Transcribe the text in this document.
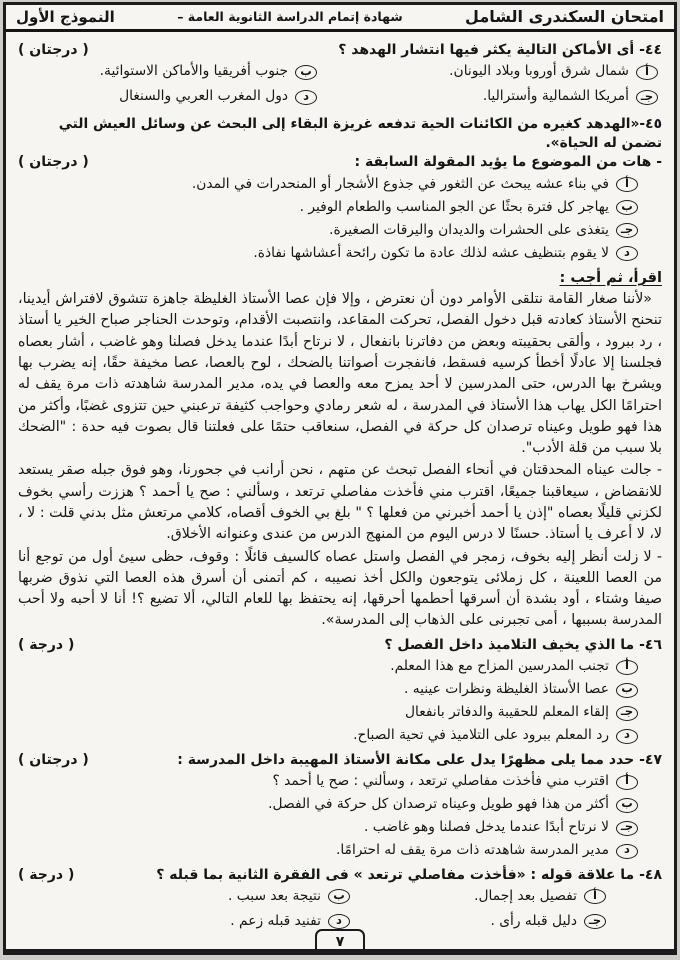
امتحان السكندرى الشامل
شهادة إتمام الدراسة الثانوية العامة –
النموذج الأول
٤٤- أى الأماكن التالية يكثر فيها انتشار الهدهد ؟
( درجتان )
أ
شمال شرق أوروبا وبلاد اليونان.
ب
جنوب أفريقيا والأماكن الاستوائية.
جـ
أمريكا الشمالية وأستراليا.
د
دول المغرب العربي والسنغال
٤٥-«الهدهد كغيره من الكائنات الحية تدفعه غريزة البقاء إلى البحث عن وسائل العيش التي تضمن له الحياة».
- هات من الموضوع ما يؤيد المقولة السابقة :
( درجتان )
أ
في بناء عشه يبحث عن الثغور في جذوع الأشجار أو المنحدرات في المدن.
ب
يهاجر كل فترة بحثًا عن الجو المناسب والطعام الوفير .
جـ
يتغذى على الحشرات والديدان واليرقات الصغيرة.
د
لا يقوم بتنظيف عشه لذلك عادة ما تكون رائحة أعشاشها نفاذة.
اقرأ، ثم أجب :

«لأننا صغار القامة نتلقى الأوامر دون أن نعترض ، وإلا فإن عصا الأستاذ الغليظة جاهزة تتشوق لافتراش أيدينا، تنحنح الأستاذ كعادته قبل دخول الفصل، تحركت المقاعد، وانتصبت الأقدام، وتوحدت الحناجر صباح الخير يا أستاذ ، رد ببرود ، وألقى بحقيبته وبعض من دفاترنا بانفعال ، لا نرتاح أبدًا عندما يدخل فصلنا وهو غاضب ، أشار بعصاه فجلسنا إلا عادلًا أخطأ كرسيه فسقط، فانفجرت أصواتنا بالضحك ، لوح بالعصا، عصا مخيفة حقًا، إنه يضرب بها ويشرخ بها الدرس، حتى المدرسين لا أحد يمزح معه والعصا في يده، مدير المدرسة شاهدته ذات مرة يقف له احترامًا الكل يهاب هذا الأستاذ في المدرسة ، له شعر رمادي وحواجب كثيفة ترعبني حين تتزوى غضبًا، وأكثر من هذا فهو طويل وعيناه ترصدان كل حركة في الفصل، سنعاقب حتمًا على فعلتنا قال بصوت فيه حدة : "الضحك بلا سبب من قلة الأدب".

- جالت عيناه المحدقتان في أنحاء الفصل تبحث عن متهم ، نحن أرانب في جحورنا، وهو فوق جبله صقر يستعد للانقضاض ، سيعاقبنا جميعًا، اقترب مني فأخذت مفاصلي ترتعد ، وسألني : صح يا أحمد ؟ هززت رأسي بخوف لكزني قليلًا بعصاه "إذن يا أحمد أخبرني من فعلها ؟ " بلغ بي الخوف أقصاه، كلامي مرتعش مثل بدني قلت : لا ، لا، لا أعرف يا أستاذ. حسنًا لا درس اليوم من المنهج الدرس من عندى وعنوانه الأخلاق.

- لا زلت أنظر إليه بخوف، زمجر في الفصل واستل عصاه كالسيف قائلًا : وقوف، حظى سيئ أول من توجع أنا من العصا اللعينة ، كل زملائى يتوجعون والكل أخذ نصيبه ، كم أتمنى أن أسرق هذه العصا التي نذوق ضربها صيفا وشتاء ، أود بشدة أن أسرقها أحطمها أحرقها، إنه يحتفظ بها للعام التالي، ألا تضيع ؟! أنا لا أحبه ولا أحب المدرسة بسببها ، أمى تجبرنى على الذهاب إلى المدرسة».

٤٦- ما الذي يخيف التلاميذ داخل الفصل ؟
( درجة )
أ
تجنب المدرسين المزاح مع هذا المعلم.
ب
عصا الأستاذ الغليظة ونظرات عينيه .
جـ
إلقاء المعلم للحقيبة والدفاتر بانفعال
د
رد المعلم ببرود على التلاميذ في تحية الصباح.
٤٧- حدد مما يلى مظهرًا يدل على مكانة الأستاذ المهيبة داخل المدرسة :
( درجتان )
أ
اقترب مني فأخذت مفاصلي ترتعد ، وسألني : صح يا أحمد ؟
ب
أكثر من هذا فهو طويل وعيناه ترصدان كل حركة في الفصل.
جـ
لا نرتاح أبدًا عندما يدخل فصلنا وهو غاضب .
د
مدير المدرسة شاهدته ذات مرة يقف له احترامًا.
٤٨- ما علاقة قوله : «فأخذت مفاصلي ترتعد » فى الفقرة الثانية بما قبله ؟
( درجة )
أ
تفصيل بعد إجمال.
ب
نتيجة بعد سبب .
جـ
دليل قبله رأى .
د
تفنيد قبله زعم .
٧
